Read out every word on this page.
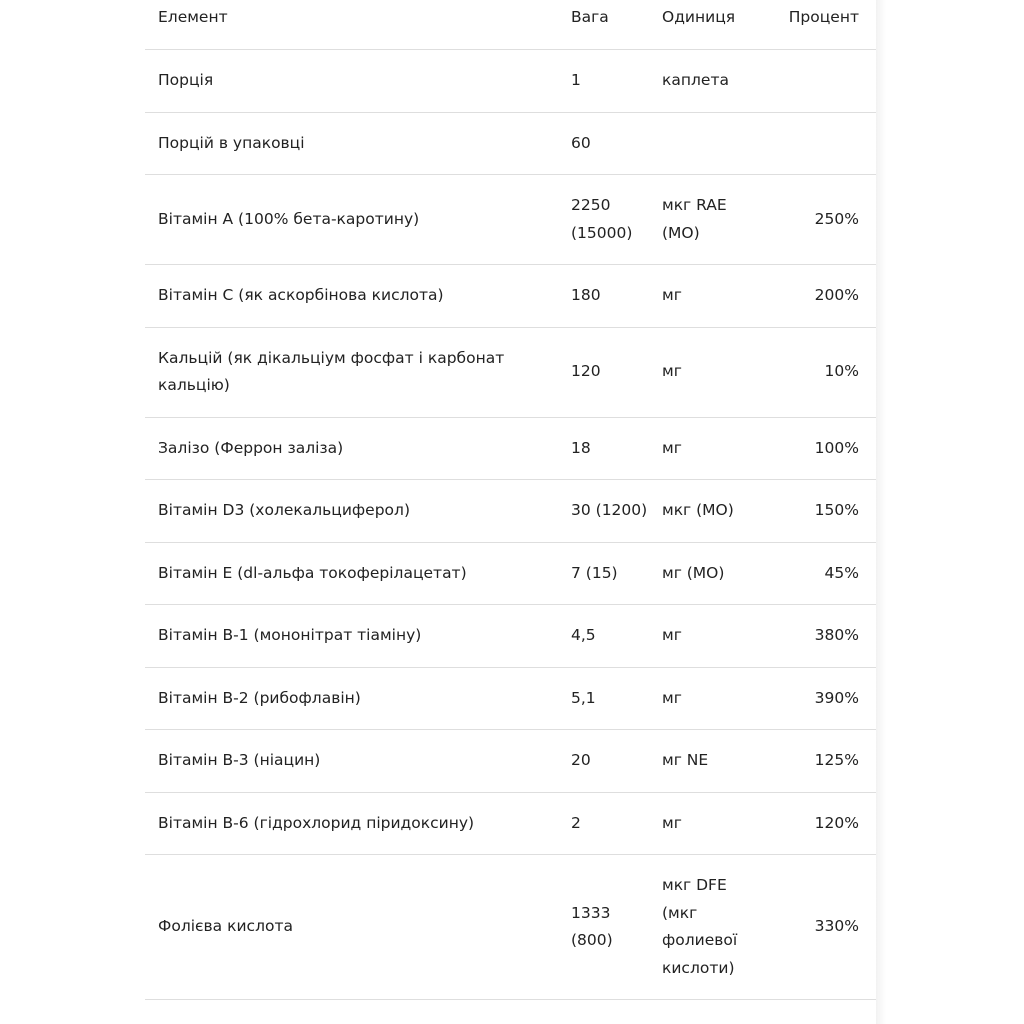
Елемент	Вага	Одиниця	Процент
Порція	1	каплета	
Порцій в упаковці	60		
Вітамін A (100% бета-каротину)	2250 (15000)	мкг RAE (МО)	250%
Вітамін C (як аскорбінова кислота)	180	мг	200%
Кальцій (як дікальціум фосфат і карбонат кальцію)	120	мг	10%
Залізо (Феррон заліза)	18	мг	100%
Вітамін D3 (холекальциферол)	30 (1200)	мкг (МО)	150%
Вітамін E (dl-альфа токоферілацетат)	7 (15)	мг (МО)	45%
Вітамін B-1 (мононітрат тіаміну)	4,5	мг	380%
Вітамін B-2 (рибофлавін)	5,1	мг	390%
Вітамін B-3 (ніацин)	20	мг NE	125%
Вітамін B-6 (гідрохлорид піридоксину)	2	мг	120%
Фолієва кислота	1333 (800)	мкг DFE (мкг фолиевої кислоти)	330%
